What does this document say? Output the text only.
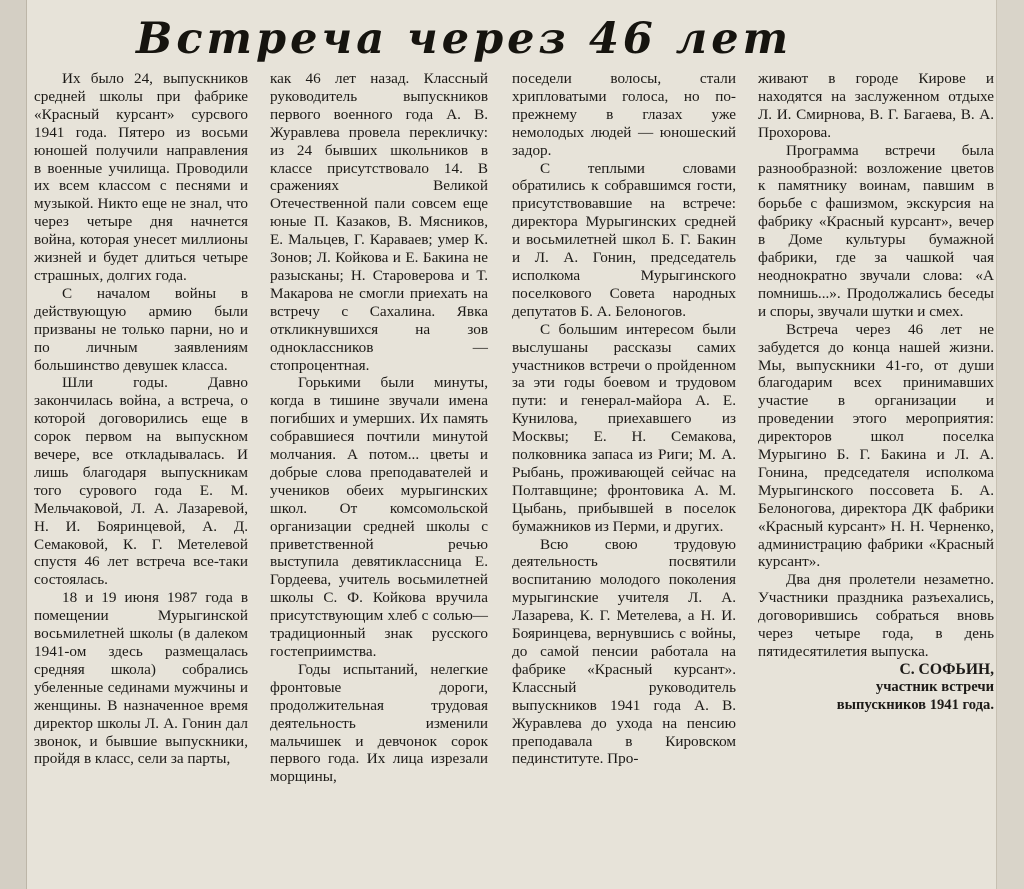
Встреча через 46 лет

Их было 24, выпускников средней школы при фабрике «Красный курсант» сурсвого 1941 года. Пятеро из восьми юношей получили направления в военные училища. Проводили их всем классом с песнями и музыкой. Никто еще не знал, что через четыре дня начнется война, которая унесет миллионы жизней и будет длиться четыре страшных, долгих года.

С началом войны в действующую армию были призваны не только парни, но и по личным заявлениям большинство девушек класса.

Шли годы. Давно закончилась война, а встреча, о которой договорились еще в сорок первом на выпускном вечере, все откладывалась. И лишь благодаря выпускникам того сурового года Е. М. Мельчаковой, Л. А. Лазаревой, Н. И. Бояринцевой, А. Д. Семаковой, К. Г. Метелевой спустя 46 лет встреча все-таки состоялась.

18 и 19 июня 1987 года в помещении Мурыгинской восьмилетней школы (в далеком 1941-ом здесь размещалась средняя школа) собрались убеленные сединами мужчины и женщины. В назначенное время директор школы Л. А. Гонин дал звонок, и бывшие выпускники, пройдя в класс, сели за парты,

как 46 лет назад. Классный руководитель выпускников первого военного года А. В. Журавлева провела перекличку: из 24 бывших школьников в классе присутствовало 14. В сражениях Великой Отечественной пали совсем еще юные П. Казаков, В. Мясников, Е. Мальцев, Г. Караваев; умер К. Зонов; Л. Койкова и Е. Бакина не разысканы; Н. Староверова и Т. Макарова не смогли приехать на встречу с Сахалина. Явка откликнувшихся на зов одноклассников — стопроцентная.

Горькими были минуты, когда в тишине звучали имена погибших и умерших. Их память собравшиеся почтили минутой молчания. А потом... цветы и добрые слова преподавателей и учеников обеих мурыгинских школ. От комсомольской организации средней школы с приветственной речью выступила девятиклассница Е. Гордеева, учитель восьмилетней школы С. Ф. Койкова вручила присутствующим хлеб с солью— традиционный знак русского гостеприимства.

Годы испытаний, нелегкие фронтовые дороги, продолжительная трудовая деятельность изменили мальчишек и девчонок сорок первого года. Их лица изрезали морщины,

поседели волосы, стали хрипловатыми голоса, но по-прежнему в глазах уже немолодых людей — юношеский задор.

С теплыми словами обратились к собравшимся гости, присутствовавшие на встрече: директора Мурыгинских средней и восьмилетней школ Б. Г. Бакин и Л. А. Гонин, председатель исполкома Мурыгинского поселкового Совета народных депутатов Б. А. Белоногов.

С большим интересом были выслушаны рассказы самих участников встречи о пройденном за эти годы боевом и трудовом пути: и генерал-майора А. Е. Кунилова, приехавшего из Москвы; Е. Н. Семакова, полковника запаса из Риги; М. А. Рыбань, проживающей сейчас на Полтавщине; фронтовика А. М. Цыбань, прибывшей в поселок бумажников из Перми, и других.

Всю свою трудовую деятельность посвятили воспитанию молодого поколения мурыгинские учителя Л. А. Лазарева, К. Г. Метелева, а Н. И. Бояринцева, вернувшись с войны, до самой пенсии работала на фабрике «Красный курсант». Классный руководитель выпускников 1941 года А. В. Журавлева до ухода на пенсию преподавала в Кировском пединституте. Про-

живают в городе Кирове и находятся на заслуженном отдыхе Л. И. Смирнова, В. Г. Багаева, В. А. Прохорова.

Программа встречи была разнообразной: возложение цветов к памятнику воинам, павшим в борьбе с фашизмом, экскурсия на фабрику «Красный курсант», вечер в Доме культуры бумажной фабрики, где за чашкой чая неоднократно звучали слова: «А помнишь...». Продолжались беседы и споры, звучали шутки и смех.

Встреча через 46 лет не забудется до конца нашей жизни. Мы, выпускники 41-го, от души благодарим всех принимавших участие в организации и проведении этого мероприятия: директоров школ поселка Мурыгино Б. Г. Бакина и Л. А. Гонина, председателя исполкома Мурыгинского поссовета Б. А. Белоногова, директора ДК фабрики «Красный курсант» Н. Н. Черненко, администрацию фабрики «Красный курсант».

Два дня пролетели незаметно. Участники праздника разъехались, договорившись собраться вновь через четыре года, в день пятидесятилетия выпуска.

С. СОФЬИН,
участник встречи
выпускников 1941 года.
